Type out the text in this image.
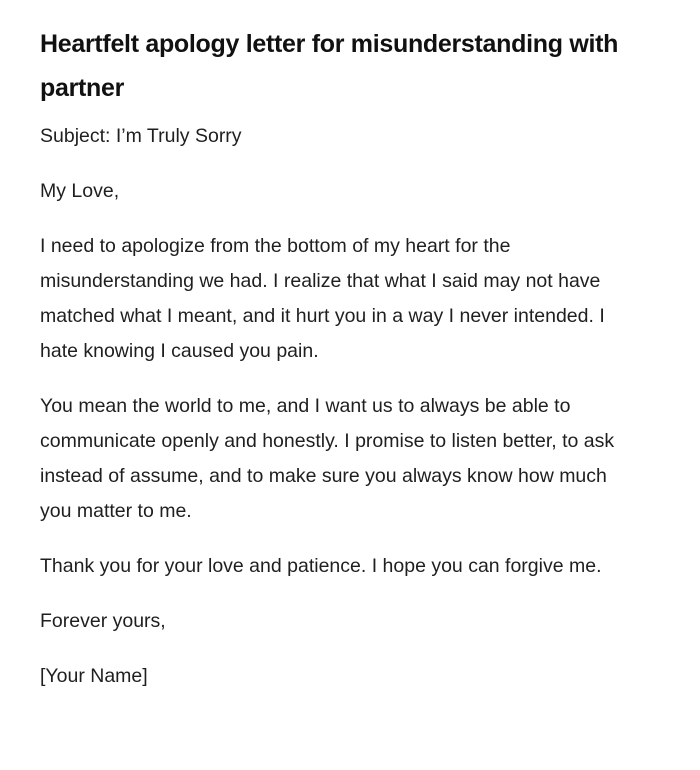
Heartfelt apology letter for misunderstanding with partner

Subject: I’m Truly Sorry

My Love,

I need to apologize from the bottom of my heart for the misunderstanding we had. I realize that what I said may not have matched what I meant, and it hurt you in a way I never intended. I hate knowing I caused you pain.

You mean the world to me, and I want us to always be able to communicate openly and honestly. I promise to listen better, to ask instead of assume, and to make sure you always know how much you matter to me.

Thank you for your love and patience. I hope you can forgive me.

Forever yours,

[Your Name]
